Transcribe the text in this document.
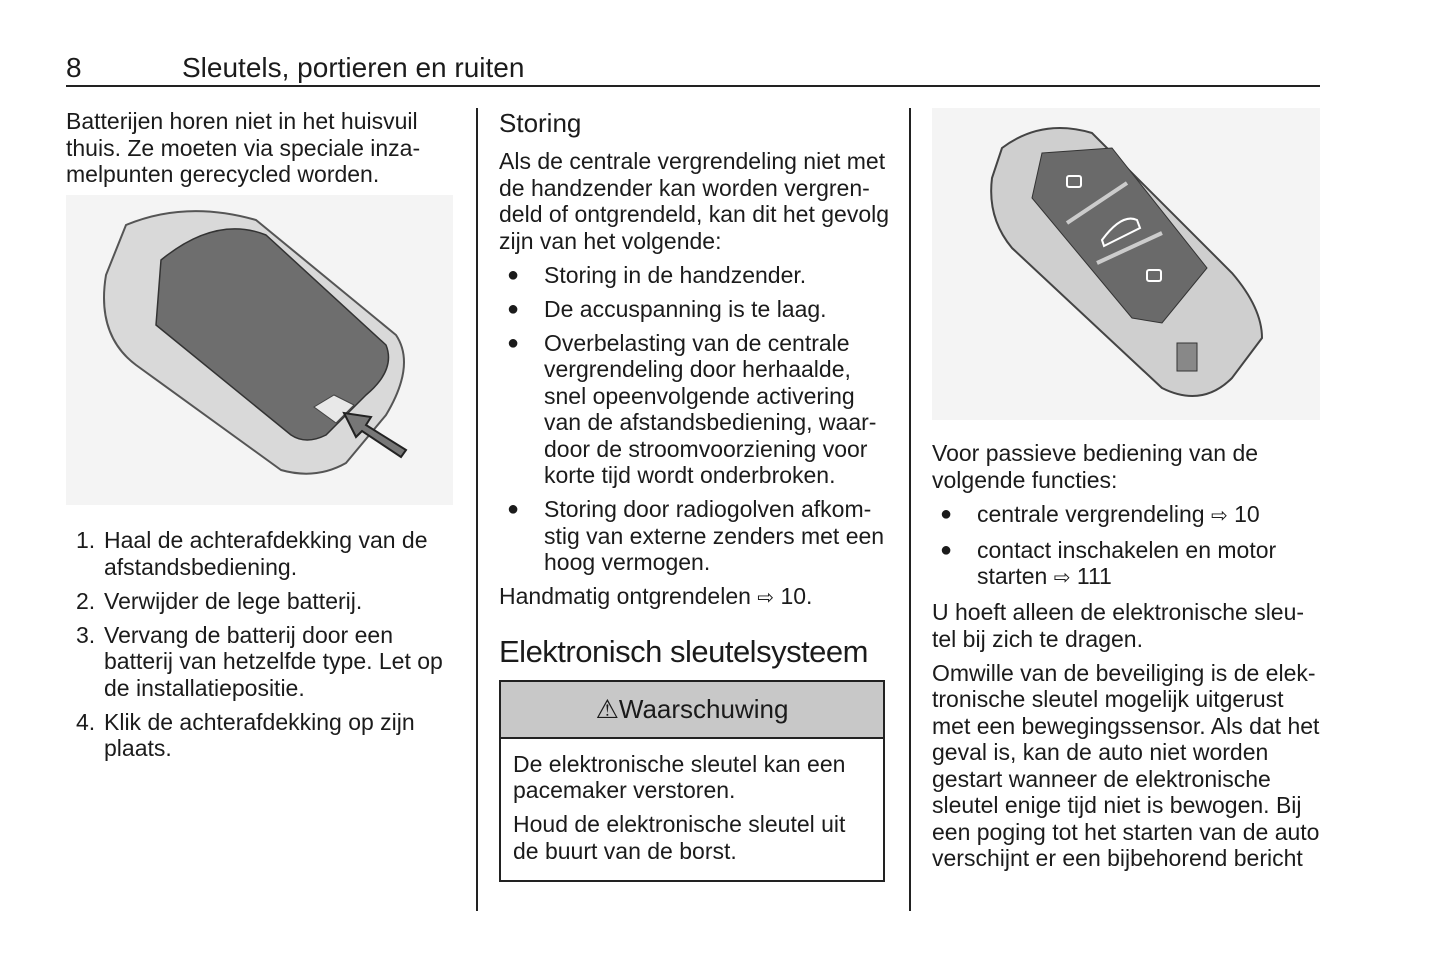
8	Sleutels, portieren en ruiten

Batterijen horen niet in het huisvuil thuis. Ze moeten via speciale inza-melpunten gerecycled worden.

1. Haal de achterafdekking van de afstandsbediening.
2. Verwijder de lege batterij.
3. Vervang de batterij door een batterij van hetzelfde type. Let op de installatiepositie.
4. Klik de achterafdekking op zijn plaats.
Storing

Als de centrale vergrendeling niet met de handzender kan worden vergren-deld of ontgrendeld, kan dit het gevolg zijn van het volgende:

● Storing in de handzender.
● De accuspanning is te laag.
● Overbelasting van de centrale vergrendeling door herhaalde, snel opeenvolgende activering van de afstandsbediening, waar-door de stroomvoorziening voor korte tijd wordt onderbroken.
● Storing door radiogolven afkom-stig van externe zenders met een hoog vermogen.

Handmatig ontgrendelen ⇨ 10.

Elektronisch sleutelsysteem
⚠ Waarschuwing

De elektronische sleutel kan een pacemaker verstoren.

Houd de elektronische sleutel uit de buurt van de borst.

Voor passieve bediening van de volgende functies:

● centrale vergrendeling ⇨ 10
● contact inschakelen en motor starten ⇨ 111

U hoeft alleen de elektronische sleu-tel bij zich te dragen.

Omwille van de beveiliging is de elek-tronische sleutel mogelijk uitgerust met een bewegingssensor. Als dat het geval is, kan de auto niet worden gestart wanneer de elektronische sleutel enige tijd niet is bewogen. Bij een poging tot het starten van de auto verschijnt er een bijbehorend bericht
